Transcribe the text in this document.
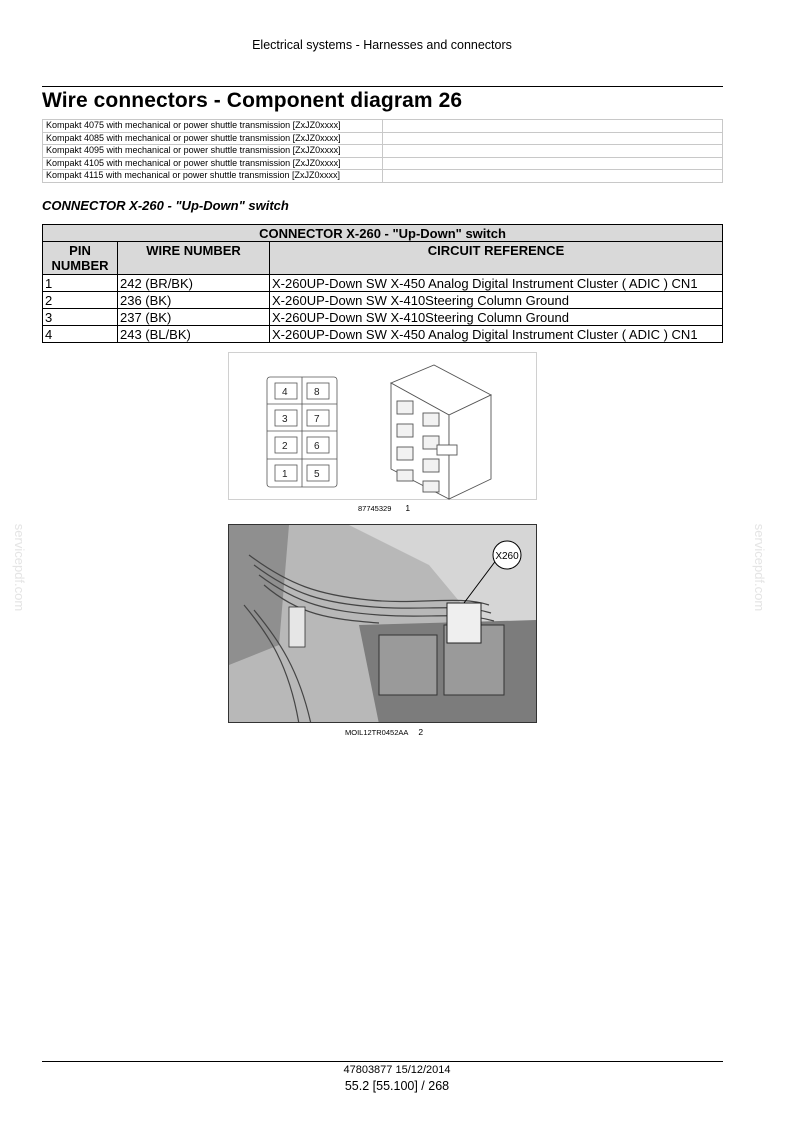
Electrical systems - Harnesses and connectors
Wire connectors - Component diagram 26
Kompakt 4075 with mechanical or power shuttle transmission [ZxJZ0xxxx]	
Kompakt 4085 with mechanical or power shuttle transmission [ZxJZ0xxxx]	
Kompakt 4095 with mechanical or power shuttle transmission [ZxJZ0xxxx]	
Kompakt 4105 with mechanical or power shuttle transmission [ZxJZ0xxxx]	
Kompakt 4115 with mechanical or power shuttle transmission [ZxJZ0xxxx]	
CONNECTOR X-260 - "Up-Down" switch
CONNECTOR X-260 - "Up-Down" switch		
PIN NUMBER	WIRE NUMBER	CIRCUIT REFERENCE
1	242 (BR/BK)	X-260UP-Down SW X-450 Analog Digital Instrument Cluster ( ADIC ) CN1
2	236 (BK)	X-260UP-Down SW X-410Steering Column Ground
3	237 (BK)	X-260UP-Down SW X-410Steering Column Ground
4	243 (BL/BK)	X-260UP-Down SW X-450 Analog Digital Instrument Cluster ( ADIC ) CN1
4	8
3	7
2	6
1	5
87745329 1
X260
MOIL12TR0452AA 2
servicepdf.com	servicepdf.com
47803877 15/12/2014
55.2 [55.100] / 268
